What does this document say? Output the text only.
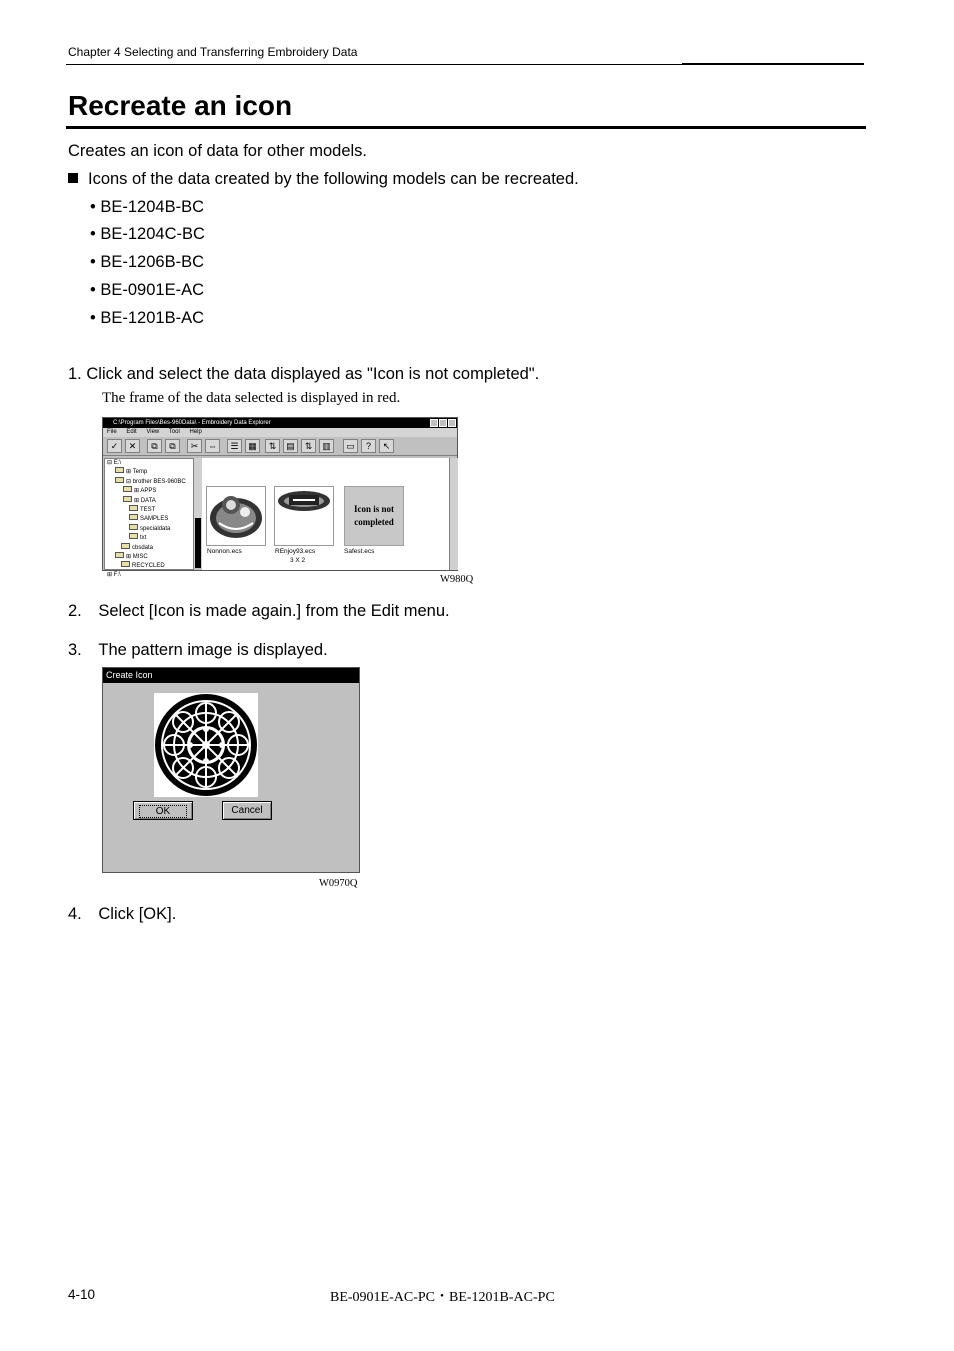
Chapter 4 Selecting and Transferring Embroidery Data
Recreate an icon
Creates an icon of data for other models.
Icons of the data created by the following models can be recreated.
• BE-1204B-BC
• BE-1204C-BC
• BE-1206B-BC
• BE-0901E-AC
• BE-1201B-AC
1. Click and select the data displayed as "Icon is not completed".
The frame of the data selected is displayed in red.
C:\Program Files\Bes-960Data\ - Embroidery Data Explorer
File Edit View Tool Help
✓	✕	⧉	⧉	✂	⇔	☰	▦	⇅	▤	⇅	▥	▭	?	↖
⊟ E:\
⊞ Temp
⊟ brother BES-960BC
⊞ APPS
⊞ DATA
TEST
SAMPLES
specialdata
txt
cbsdata
⊞ MISC
RECYCLED
⊞ F:\
Nonnon.ecs	REnjoy93.ecs
3 X 2
Icon is not completed
Safest.ecs
W980Q
2. Select [Icon is made again.] from the Edit menu.
3. The pattern image is displayed.
Create Icon
OK	Cancel
W0970Q
4. Click [OK].
4-10	BE-0901E-AC-PC・BE-1201B-AC-PC
